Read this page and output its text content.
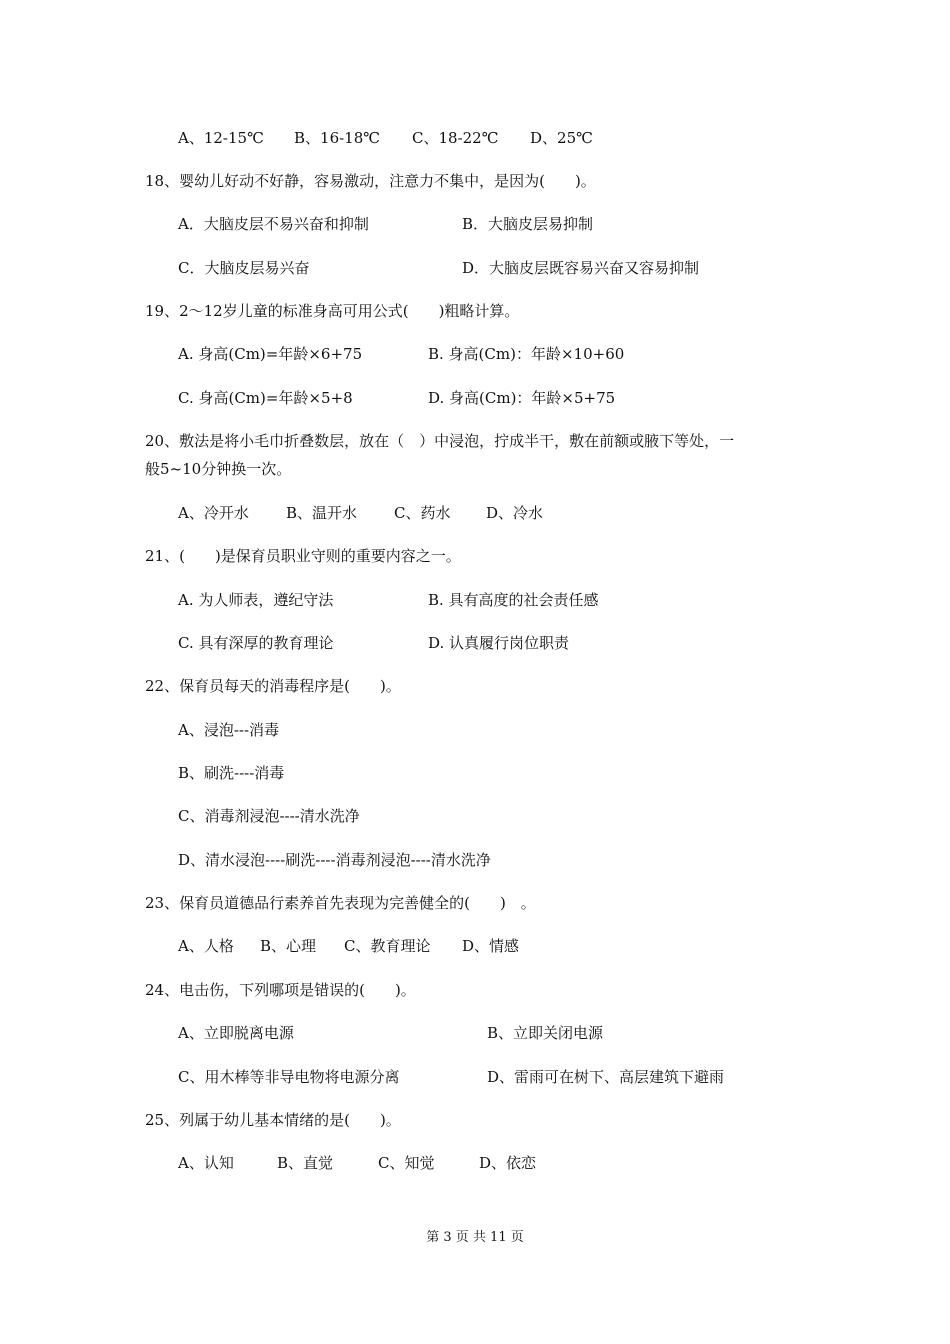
A、12-15℃ B、16-18℃ C、18-22℃ D、25℃
18、婴幼儿好动不好静，容易激动，注意力不集中，是因为(　　)。
A．大脑皮层不易兴奋和抑制	B．大脑皮层易抑制
C．大脑皮层易兴奋	D．大脑皮层既容易兴奋又容易抑制
19、2～12岁儿童的标准身高可用公式(　　)粗略计算。
A. 身高(Cm)=年龄×6+75	B. 身高(Cm)：年龄×10+60
C. 身高(Cm)=年龄×5+8	D. 身高(Cm)：年龄×5+75
20、敷法是将小毛巾折叠数层，放在（　）中浸泡，拧成半干，敷在前额或腋下等处，一
般5~10分钟换一次。
A、冷开水 B、温开水 C、药水 D、冷水
21、(　　)是保育员职业守则的重要内容之一。
A. 为人师表，遵纪守法	B. 具有高度的社会责任感
C. 具有深厚的教育理论	D. 认真履行岗位职责
22、保育员每天的消毒程序是(　　)。
A、浸泡---消毒
B、刷洗----消毒
C、消毒剂浸泡----清水洗净
D、清水浸泡----刷洗----消毒剂浸泡----清水洗净
23、保育员道德品行素养首先表现为完善健全的(　　)　。
A、人格 B、心理 C、教育理论 D、情感
24、电击伤，下列哪项是错误的(　　)。
A、立即脱离电源	B、立即关闭电源
C、用木棒等非导电物将电源分离	D、雷雨可在树下、高层建筑下避雨
25、列属于幼儿基本情绪的是(　　)。
A、认知	B、直觉	C、知觉	D、依恋
第 3 页 共 11 页
